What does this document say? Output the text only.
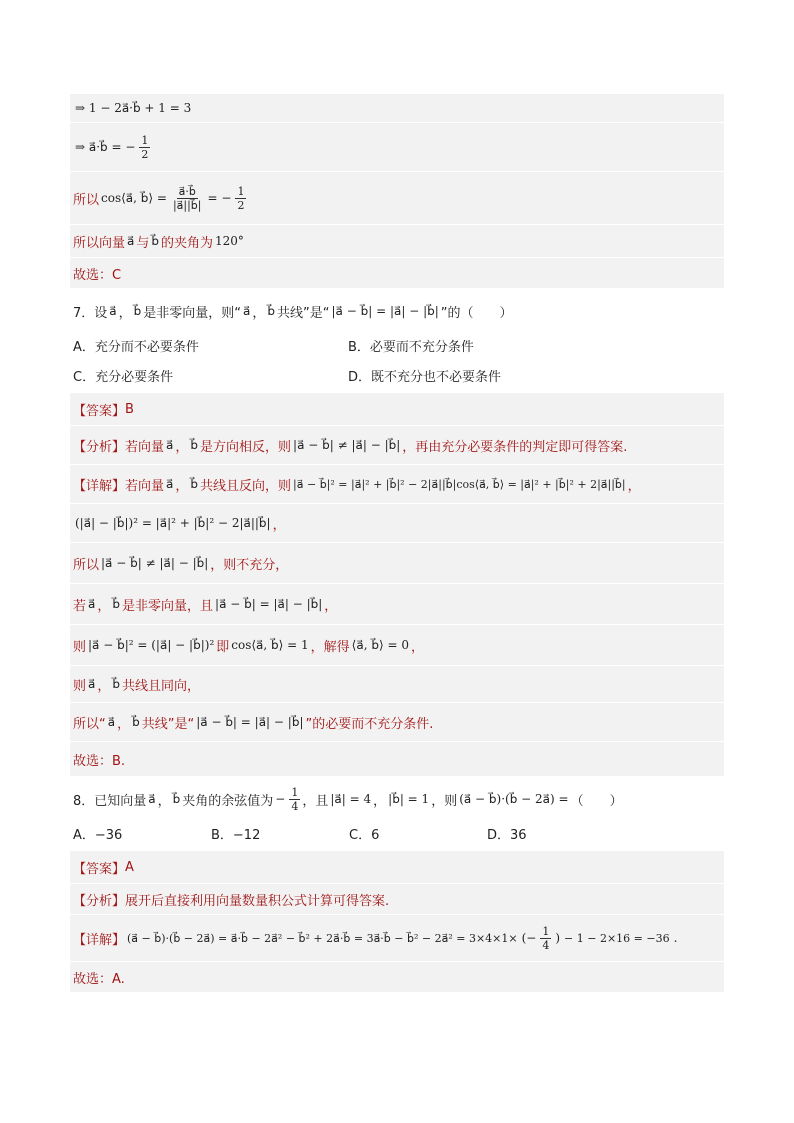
⇒ 1 − 2a⃗·b⃗ + 1 = 3
⇒ a⃗·b⃗ = − $\frac{1}{2}$
所以 cos⟨a⃗, b⃗⟩ = $\frac{a⃗\cdot b⃗}{|a⃗||b⃗|}$ = − $\frac{1}{2}$
所以向量 a⃗ 与 b⃗ 的夹角为 120°
故选：C
7．设 a⃗ ， b⃗ 是非零向量，则“ a⃗ ， b⃗ 共线”是“ |a⃗ − b⃗| = |a⃗| − |b⃗| ”的（　　）
A．充分而不必要条件	B．必要而不充分条件
C．充分必要条件	D．既不充分也不必要条件
【答案】 B
【分析】 若向量 a⃗ ， b⃗ 是方向相反，则 |a⃗ − b⃗| ≠ |a⃗| − |b⃗| ，再由充分必要条件的判定即可得答案.
【详解】 若向量 a⃗ ， b⃗ 共线且反向，则 |a⃗ − b⃗|² = |a⃗|² + |b⃗|² − 2|a⃗||b⃗|cos⟨a⃗, b⃗⟩ = |a⃗|² + |b⃗|² + 2|a⃗||b⃗| ，
(|a⃗| − |b⃗|)² = |a⃗|² + |b⃗|² − 2|a⃗||b⃗| ，
所以 |a⃗ − b⃗| ≠ |a⃗| − |b⃗| ，则不充分，
若 a⃗ ， b⃗ 是非零向量，且 |a⃗ − b⃗| = |a⃗| − |b⃗| ，
则 |a⃗ − b⃗|² = (|a⃗| − |b⃗|)² 即 cos⟨a⃗, b⃗⟩ = 1 ，解得 ⟨a⃗, b⃗⟩ = 0 ，
则 a⃗ ， b⃗ 共线且同向，
所以“ a⃗ ， b⃗ 共线”是“ |a⃗ − b⃗| = |a⃗| − |b⃗| ”的必要而不充分条件.
故选：B.
8．已知向量 a⃗ ， b⃗ 夹角的余弦值为 − $\frac{1}{4}$ ，且 |a⃗| = 4 ， |b⃗| = 1 ，则 (a⃗ − b⃗)·(b⃗ − 2a⃗) = （　　）
A．−36	B．−12	C．6	D．36
【答案】 A
【分析】 展开后直接利用向量数量积公式计算可得答案.
【详解】 (a⃗ − b⃗)·(b⃗ − 2a⃗) = a⃗·b⃗ − 2a⃗² − b⃗² + 2a⃗·b⃗ = 3a⃗·b⃗ − b⃗² − 2a⃗² = 3×4×1× (− $\frac{1}{4}$ ) − 1 − 2×16 = −36 .
故选：A.
